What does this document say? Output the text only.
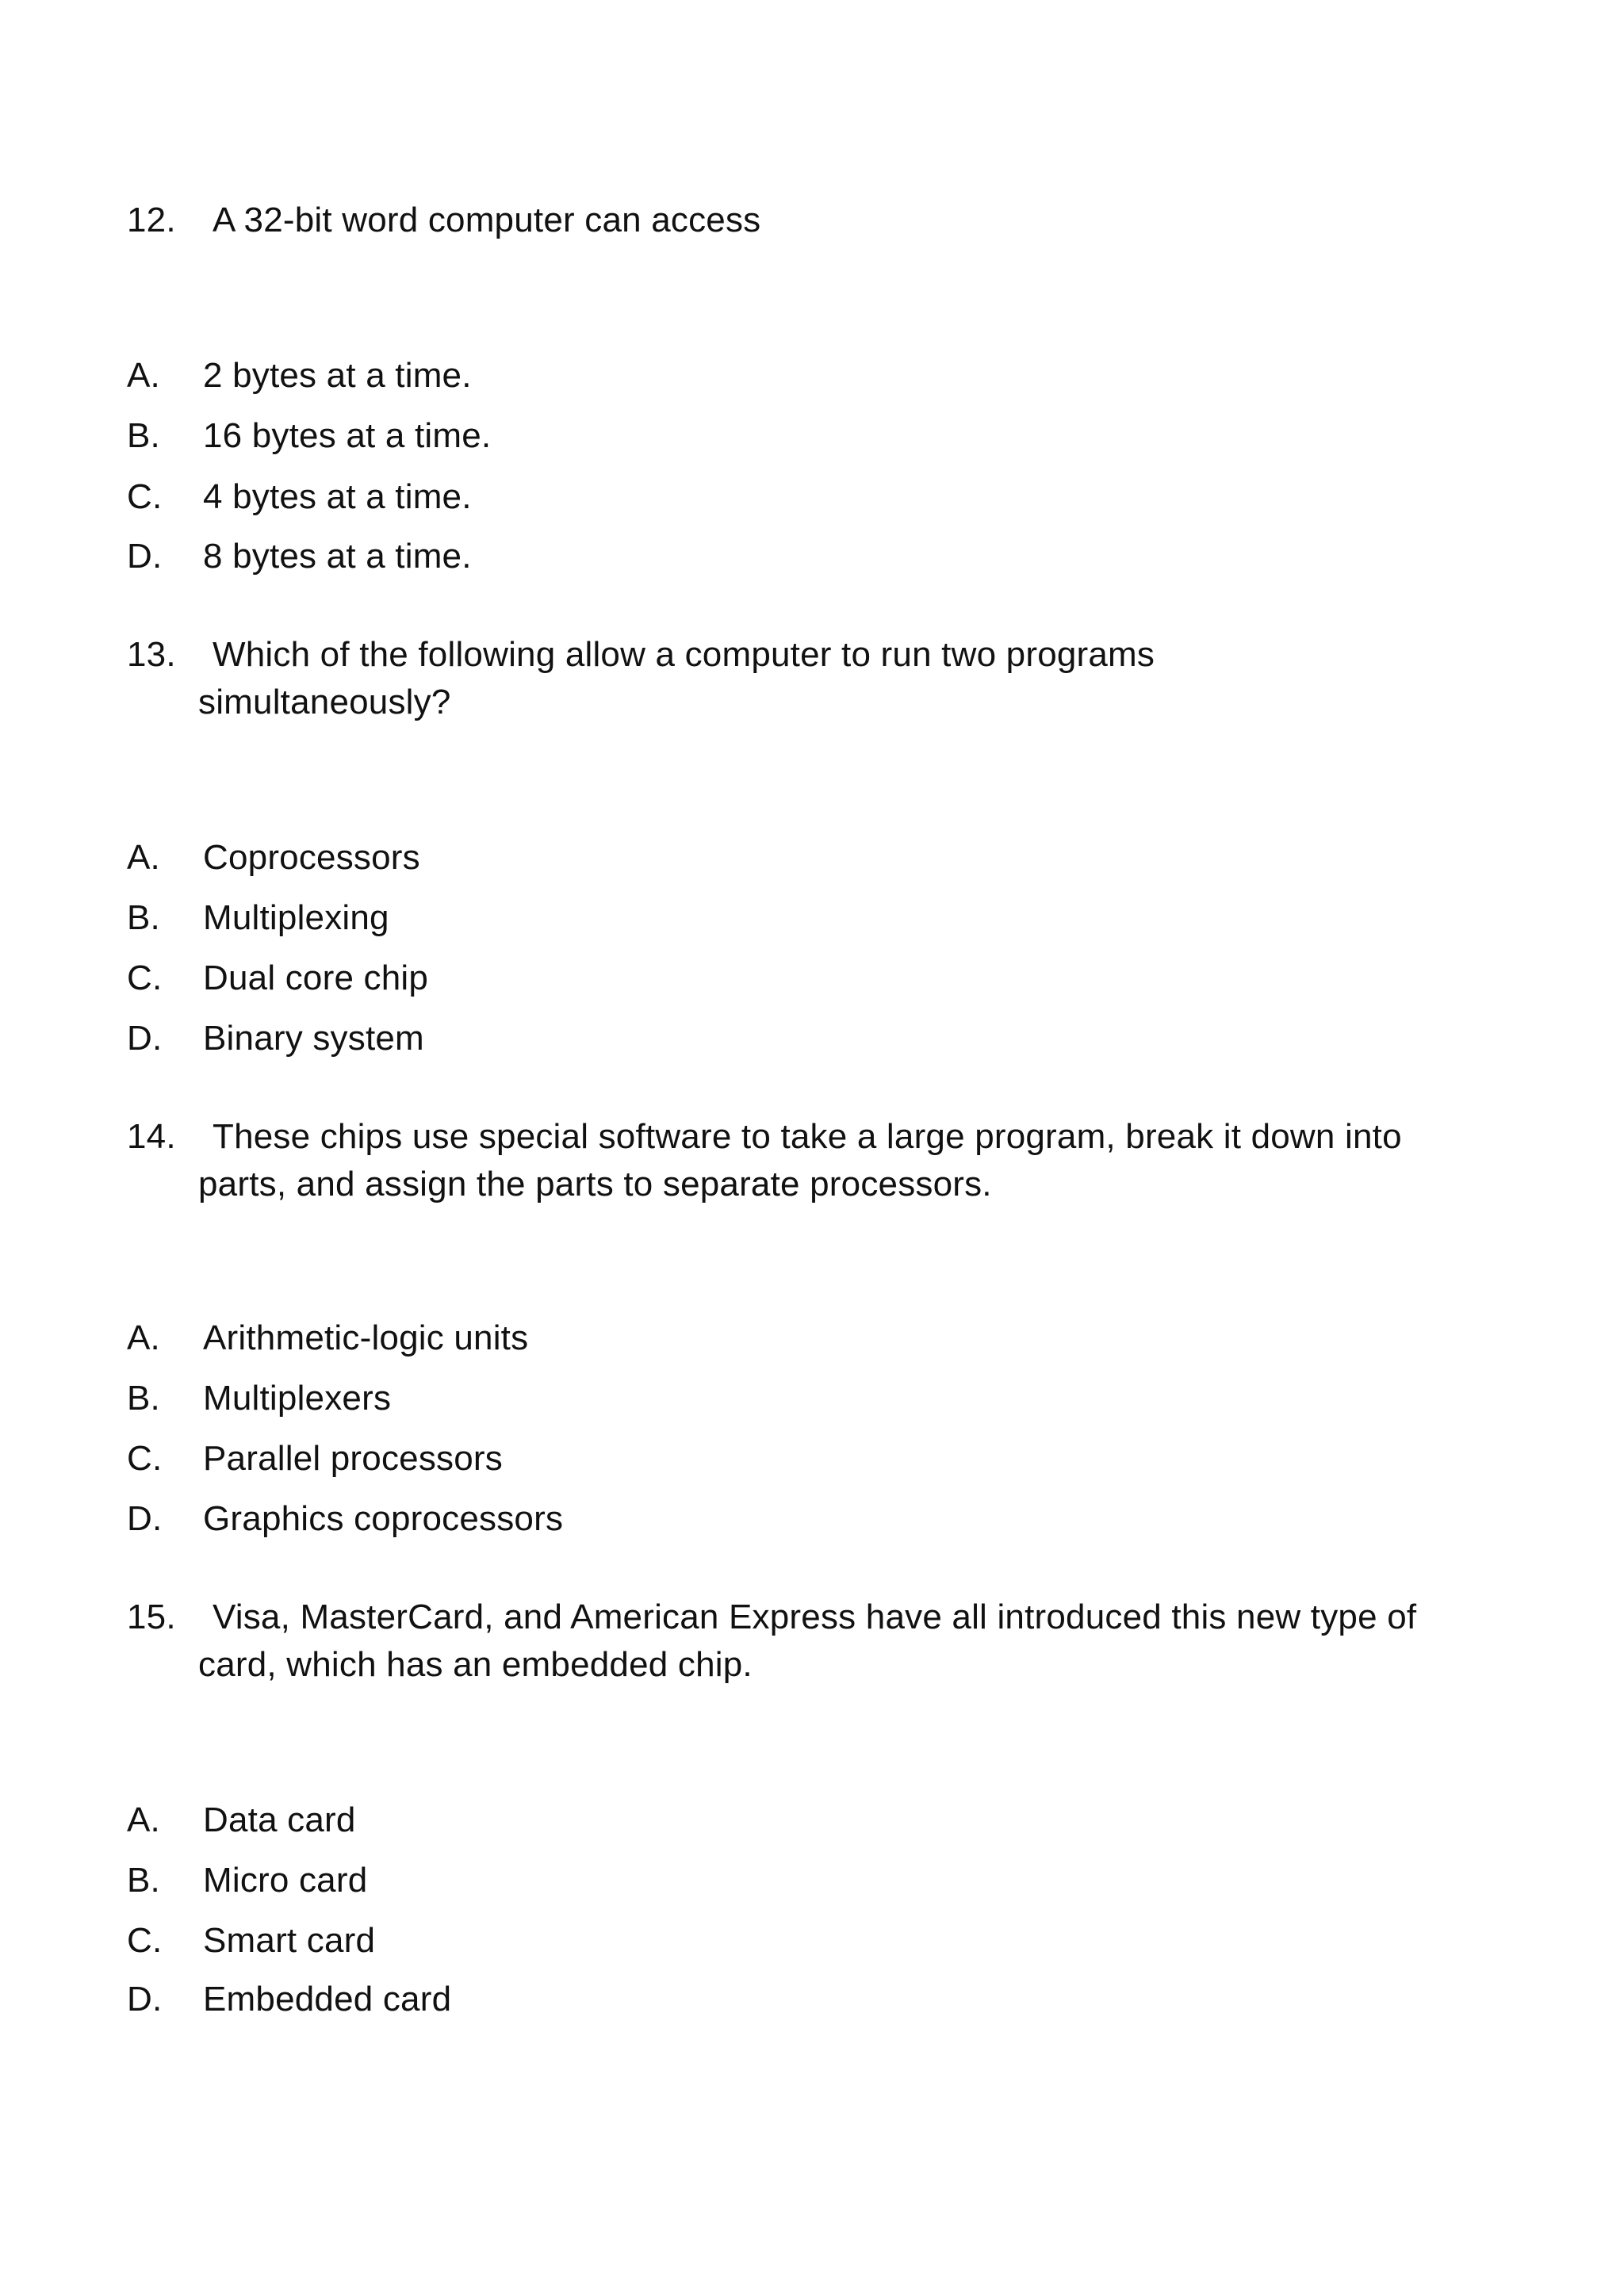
12. A 32-bit word computer can access
A. 2 bytes at a time.
B. 16 bytes at a time.
C. 4 bytes at a time.
D. 8 bytes at a time.
13. Which of the following allow a computer to run two programs
simultaneously?
A. Coprocessors
B. Multiplexing
C. Dual core chip
D. Binary system
14. These chips use special software to take a large program, break it down into
parts, and assign the parts to separate processors.
A. Arithmetic-logic units
B. Multiplexers
C. Parallel processors
D. Graphics coprocessors
15. Visa, MasterCard, and American Express have all introduced this new type of
card, which has an embedded chip.
A. Data card
B. Micro card
C. Smart card
D. Embedded card
